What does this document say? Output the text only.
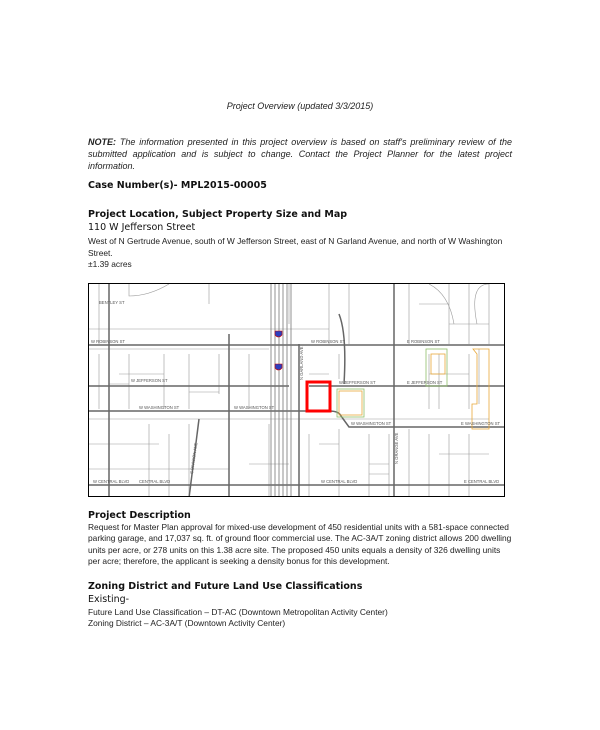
Project Overview (updated 3/3/2015)
NOTE: The information presented in this project overview is based on staff's preliminary review of the submitted application and is subject to change. Contact the Project Planner for the latest project information.
Case Number(s)- MPL2015-00005
Project Location, Subject Property Size and Map
110 W Jefferson Street
West of N Gertrude Avenue, south of W Jefferson Street, east of N Garland Avenue, and north of W Washington Street.
±1.39 acres
BENTLEY ST
W ROBINSON ST	W ROBINSON ST	E ROBINSON ST
W JEFFERSON ST	W JEFFERSON ST	E JEFFERSON ST
W WASHINGTON ST	W WASHINGTON ST
W WASHINGTON ST	E WASHINGTON ST
W CENTRAL BLVD CENTRAL BLVD	W CENTRAL BLVD	E CENTRAL BLVD
N GARLAND AVE
N ORANGE AVE
S DIVISION AVE
Project Description
Request for Master Plan approval for mixed-use development of 450 residential units with a 581-space connected parking garage, and 17,037 sq. ft. of ground floor commercial use. The AC-3A/T zoning district allows 200 dwelling units per acre, or 278 units on this 1.38 acre site. The proposed 450 units equals a density of 326 dwelling units per acre; therefore, the applicant is seeking a density bonus for this development.
Zoning District and Future Land Use Classifications
Existing-
Future Land Use Classification – DT-AC (Downtown Metropolitan Activity Center)
Zoning District – AC-3A/T (Downtown Activity Center)
